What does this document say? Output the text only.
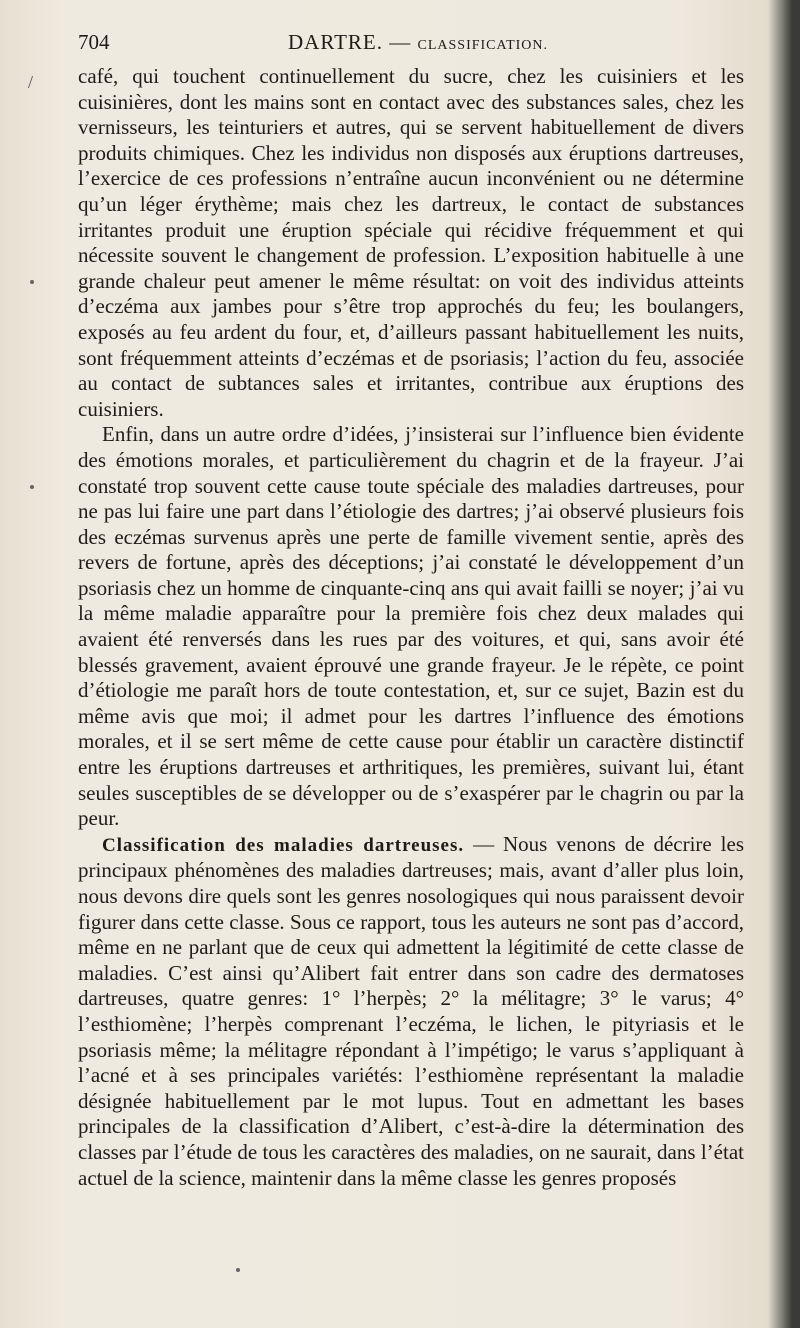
704	DARTRE. — CLASSIFICATION.
/ café, qui touchent continuellement du sucre, chez les cuisiniers et les cuisinières, dont les mains sont en contact avec des substances sales, chez les vernisseurs, les teinturiers et autres, qui se servent habituellement de divers produits chimiques. Chez les individus non disposés aux éruptions dartreuses, l’exercice de ces professions n’entraîne aucun inconvénient ou ne détermine qu’un léger érythème; mais chez les dartreux, le contact de substances irritantes produit une éruption spéciale qui récidive fréquemment et qui nécessite souvent le changement de profession. L’exposition habituelle à une grande chaleur peut amener le même résultat: on voit des individus atteints d’eczéma aux jambes pour s’être trop approchés du feu; les boulangers, exposés au feu ardent du four, et, d’ailleurs passant habituellement les nuits, sont fréquemment atteints d’eczémas et de psoriasis; l’action du feu, associée au contact de subtances sales et irritantes, contribue aux éruptions des cuisiniers.

Enfin, dans un autre ordre d’idées, j’insisterai sur l’influence bien évidente des émotions morales, et particulièrement du chagrin et de la frayeur. J’ai constaté trop souvent cette cause toute spéciale des maladies dartreuses, pour ne pas lui faire une part dans l’étiologie des dartres; j’ai observé plusieurs fois des eczémas survenus après une perte de famille vivement sentie, après des revers de fortune, après des déceptions; j’ai constaté le développement d’un psoriasis chez un homme de cinquante-cinq ans qui avait failli se noyer; j’ai vu la même maladie apparaître pour la première fois chez deux malades qui avaient été renversés dans les rues par des voitures, et qui, sans avoir été blessés gravement, avaient éprouvé une grande frayeur. Je le répète, ce point d’étiologie me paraît hors de toute contestation, et, sur ce sujet, Bazin est du même avis que moi; il admet pour les dartres l’influence des émotions morales, et il se sert même de cette cause pour établir un caractère distinctif entre les éruptions dartreuses et arthritiques, les premières, suivant lui, étant seules susceptibles de se développer ou de s’exaspérer par le chagrin ou par la peur.

Classification des maladies dartreuses. — Nous venons de décrire les principaux phénomènes des maladies dartreuses; mais, avant d’aller plus loin, nous devons dire quels sont les genres nosologiques qui nous paraissent devoir figurer dans cette classe. Sous ce rapport, tous les auteurs ne sont pas d’accord, même en ne parlant que de ceux qui admettent la légitimité de cette classe de maladies. C’est ainsi qu’Alibert fait entrer dans son cadre des dermatoses dartreuses, quatre genres: 1° l’herpès; 2° la mélitagre; 3° le varus; 4° l’esthiomène; l’herpès comprenant l’eczéma, le lichen, le pityriasis et le psoriasis même; la mélitagre répondant à l’impétigo; le varus s’appliquant à l’acné et à ses principales variétés: l’esthiomène représentant la maladie désignée habituellement par le mot lupus. Tout en admettant les bases principales de la classification d’Alibert, c’est-à-dire la détermination des classes par l’étude de tous les caractères des maladies, on ne saurait, dans l’état actuel de la science, maintenir dans la même classe les genres proposés
